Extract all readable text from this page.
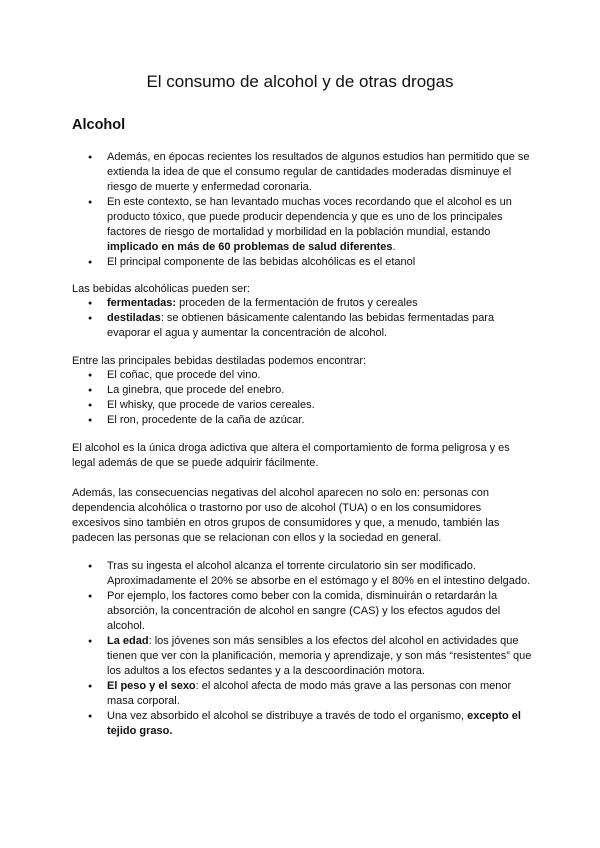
El consumo de alcohol y de otras drogas
Alcohol
● Además, en épocas recientes los resultados de algunos estudios han permitido que se extienda la idea de que el consumo regular de cantidades moderadas disminuye el riesgo de muerte y enfermedad coronaria.
● En este contexto, se han levantado muchas voces recordando que el alcohol es un producto tóxico, que puede producir dependencia y que es uno de los principales factores de riesgo de mortalidad y morbilidad en la población mundial, estando implicado en más de 60 problemas de salud diferentes.
● El principal componente de las bebidas alcohólicas es el etanol

Las bebidas alcohólicas pueden ser:

● fermentadas: proceden de la fermentación de frutos y cereales
● destiladas: se obtienen básicamente calentando las bebidas fermentadas para evaporar el agua y aumentar la concentración de alcohol.

Entre las principales bebidas destiladas podemos encontrar:

● El coñac, que procede del vino.
● La ginebra, que procede del enebro.
● El whisky, que procede de varios cereales.
● El ron, procedente de la caña de azúcar.

El alcohol es la única droga adictiva que altera el comportamiento de forma peligrosa y es legal además de que se puede adquirir fácilmente.

Además, las consecuencias negativas del alcohol aparecen no solo en: personas con dependencia alcohólica o trastorno por uso de alcohol (TUA) o en los consumidores excesivos sino también en otros grupos de consumidores y que, a menudo, también las padecen las personas que se relacionan con ellos y la sociedad en general.

● Tras su ingesta el alcohol alcanza el torrente circulatorio sin ser modificado. Aproximadamente el 20% se absorbe en el estómago y el 80% en el intestino delgado.
● Por ejemplo, los factores como beber con la comida, disminuirán o retardarán la absorción, la concentración de alcohol en sangre (CAS) y los efectos agudos del alcohol.
● La edad: los jóvenes son más sensibles a los efectos del alcohol en actividades que tienen que ver con la planificación, memoria y aprendizaje, y son más “resistentes” que los adultos a los efectos sedantes y a la descoordinación motora.
● El peso y el sexo: el alcohol afecta de modo más grave a las personas con menor masa corporal.
● Una vez absorbido el alcohol se distribuye a través de todo el organismo, excepto el tejido graso.
